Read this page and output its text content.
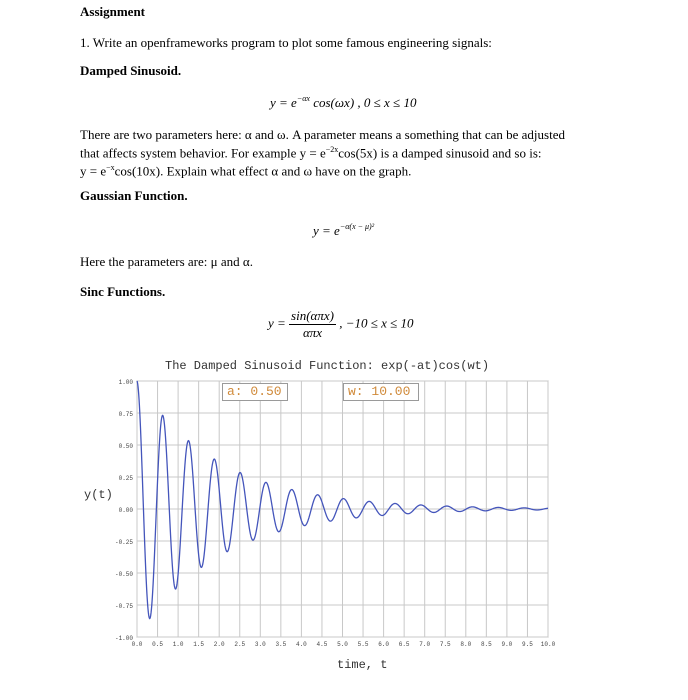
Assignment
1. Write an openframeworks program to plot some famous engineering signals:
Damped Sinusoid.
$y = e^{-\alpha x}$ cos(ωx) , 0 ≤ x ≤ 10
There are two parameters here: α and ω. A parameter means a something that can be adjusted
that affects system behavior. For example $y = e^{-2x}\cos(5x)$ is a damped sinusoid and so is:
$y = e^{-x}\cos(10x)$. Explain what effect α and ω have on the graph.
Gaussian Function.
$y = e^{-\alpha(x - \mu)^2}$
Here the parameters are: μ and α.
Sinc Functions.
$y = \frac{\text{sin(απx)}}{\text{απx}}$ , −10 ≤ x ≤ 10
The Damped Sinusoid Function: exp(-at)cos(wt)
y(t)
time, t
1.00
0.75
0.50
0.25
0.00
-0.25
-0.50
-0.75
-1.00
0.0 0.5 1.0 1.5 2.0 2.5 3.0 3.5 4.0 4.5 5.0 5.5 6.0 6.5 7.0 7.5 8.0 8.5 9.0 9.5 10.0
a: 0.50	w: 10.00
